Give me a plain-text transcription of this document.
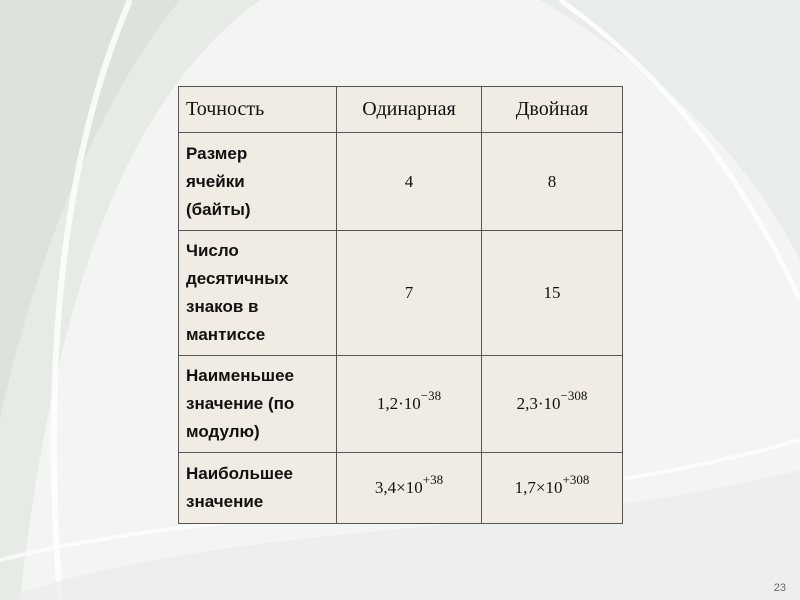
Точность	Одинарная	Двойная
Размер
ячейки
(байты)	4	8
Число
десятичных
знаков в
мантиссе	7	15
Наименьшее
значение (по
модулю)	$1,2\cdot 10^{-38}$	$2,3\cdot 10^{-308}$
Наибольшее
значение	$3,4\times 10^{+38}$	$1,7\times 10^{+308}$
23
